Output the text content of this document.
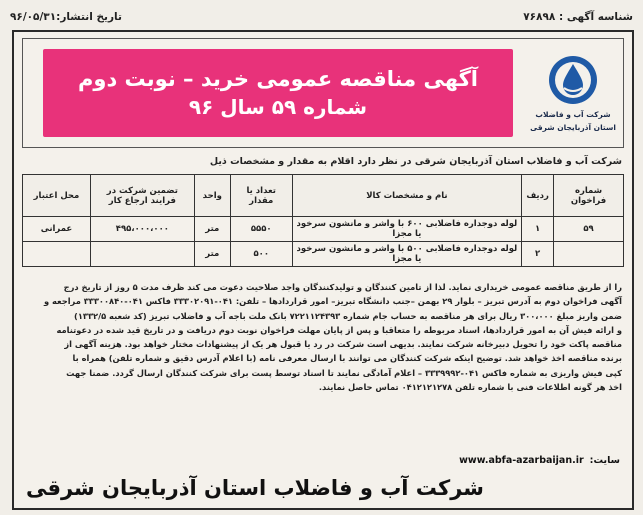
شناسه آگهی : ۷۶۸۹۸
تاریخ انتشار:۹۶/۰۵/۳۱
شرکت آب و فاضلاب
استان آذربایجان شرقی
آگهی مناقصه عمومی خرید – نوبت دوم
شماره ۵۹ سال ۹۶
شرکت آب و فاضلاب استان آذربایجان شرقی در نظر دارد اقلام به مقدار و مشخصات ذیل
شماره فراخوان	ردیف	نام و مشخصات کالا	تعداد یا مقدار	واحد	تضمین شرکت در فرایند ارجاع کار	محل اعتبار
۵۹	۱	لوله دوجداره فاضلابی ۶۰۰ با واشر و مانشون سرخود یا مجزا	۵۵۵۰	متر	۴۹۵،۰۰۰،۰۰۰	عمرانی
	۲	لوله دوجداره فاضلابی ۵۰۰ با واشر و مانشون سرخود یا مجزا	۵۰۰	متر		

را از طریق مناقصه عمومی خریداری نماید. لذا از تامین کنندگان و تولیدکنندگان واجد صلاحیت دعوت می کند ظرف مدت ۵ روز از تاریخ درج

آگهی فراخوان دوم به آدرس تبریز – بلوار ۲۹ بهمن –جنب دانشگاه تبریز– امور قراردادها – تلفن: ۰۴۱-۳۳۳۰۲۰۹۱ فاکس ۰۴۱-۳۳۳۰۰۸۴۰ مراجعه و

ضمن واریز مبلغ ۳۰۰،۰۰۰ ریال برای هر مناقصه به حساب جام شماره ۷۲۲۱۱۲۴۳۹۳ بانک ملت باجه آب و فاضلاب تبریز (کد شعبه ۱۳۳۲/۵)

و ارائه فیش آن به امور قراردادها، اسناد مربوطه را متعاقبا و پس از پایان مهلت فراخوان نوبت دوم دریافت و در تاریخ قید شده در دعوتنامه

مناقصه پاکت خود را تحویل دبیرخانه شرکت نمایند. بدیهی است شرکت در رد یا قبول هر یک از پیشنهادات مختار خواهد بود. هزینه آگهی از

برنده مناقصه اخذ خواهد شد. توضیح اینکه شرکت کنندگان می توانند با ارسال معرفی نامه (با اعلام آدرس دقیق و شماره تلفن) همراه با

کپی فیش واریزی به شماره فاکس ۰۴۱-۳۳۳۹۹۹۲ – اعلام آمادگی نمایند تا اسناد توسط پست برای شرکت کنندگان ارسال گردد. ضمنا جهت

اخذ هر گونه اطلاعات فنی با شماره تلفن ۰۴۱۲۱۲۱۲۷۸ تماس حاصل نمایند.

سایت:
www.abfa-azarbaijan.ir
شرکت آب و فاضلاب استان آذربایجان شرقی
